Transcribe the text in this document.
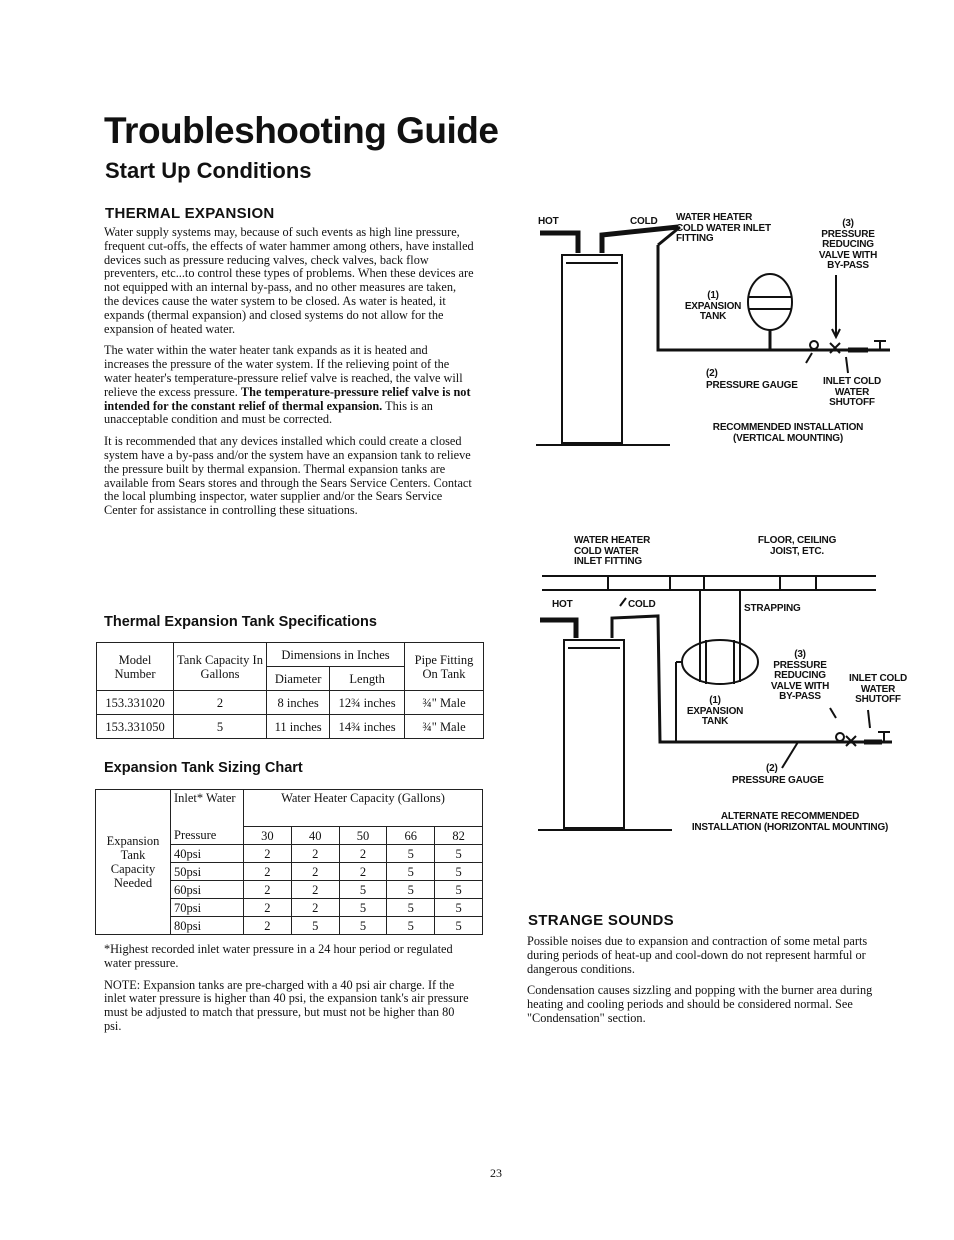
Troubleshooting Guide
Start Up Conditions
THERMAL EXPANSION

Water supply systems may, because of such events as high line pressure, frequent cut-offs, the effects of water hammer among others, have installed devices such as pressure reducing valves, check valves, back flow preventers, etc...to control these types of problems. When these devices are not equipped with an internal by-pass, and no other measures are taken, the devices cause the water system to be closed. As water is heated, it expands (thermal expansion) and closed systems do not allow for the expansion of heated water.

The water within the water heater tank expands as it is heated and increases the pressure of the water system. If the relieving point of the water heater's temperature-pressure relief valve is reached, the valve will relieve the excess pressure. The temperature-pressure relief valve is not intended for the constant relief of thermal expansion. This is an unacceptable condition and must be corrected.

It is recommended that any devices installed which could create a closed system have a by-pass and/or the system have an expansion tank to relieve the pressure built by thermal expansion. Thermal expansion tanks are available from Sears stores and through the Sears Service Centers. Contact the local plumbing inspector, water supplier and/or the Sears Service Center for assistance in controlling these situations.

Thermal Expansion Tank Specifications
Model Number	Tank Capacity In Gallons	Dimensions in Inches		Pipe Fitting On Tank
		Diameter	Length	
153.331020	2	8 inches	12¾ inches	¾" Male
153.331050	5	11 inches	14¾ inches	¾" Male
Expansion Tank Sizing Chart
Expansion Tank Capacity Needed	Inlet* Water	Water Heater Capacity (Gallons)				

	Pressure	30	40	50	66	82
	40psi	2	2	2	5	5
	50psi	2	2	2	5	5
	60psi	2	2	5	5	5
	70psi	2	2	5	5	5
	80psi	2	5	5	5	5

*Highest recorded inlet water pressure in a 24 hour period or regulated water pressure.

NOTE: Expansion tanks are pre-charged with a 40 psi air charge. If the inlet water pressure is higher than 40 psi, the expansion tank's air pressure must be adjusted to match that pressure, but must not be higher than 80 psi.

HOT	COLD WATER HEATER COLD WATER INLET FITTING
(3) PRESSURE REDUCING VALVE WITH BY-PASS
(1) EXPANSION TANK
(2)
PRESSURE GAUGE	INLET COLD WATER SHUTOFF
RECOMMENDED INSTALLATION (VERTICAL MOUNTING)
WATER HEATER COLD WATER INLET FITTING
FLOOR, CEILING JOIST, ETC.
HOT	COLD	STRAPPING
(3) PRESSURE REDUCING VALVE WITH BY-PASS
INLET COLD WATER SHUTOFF
(1) EXPANSION TANK
(2)
PRESSURE GAUGE
ALTERNATE RECOMMENDED INSTALLATION (HORIZONTAL MOUNTING)
STRANGE SOUNDS

Possible noises due to expansion and contraction of some metal parts during periods of heat-up and cool-down do not represent harmful or dangerous conditions.

Condensation causes sizzling and popping with the burner area during heating and cooling periods and should be considered normal. See "Condensation" section.

23
